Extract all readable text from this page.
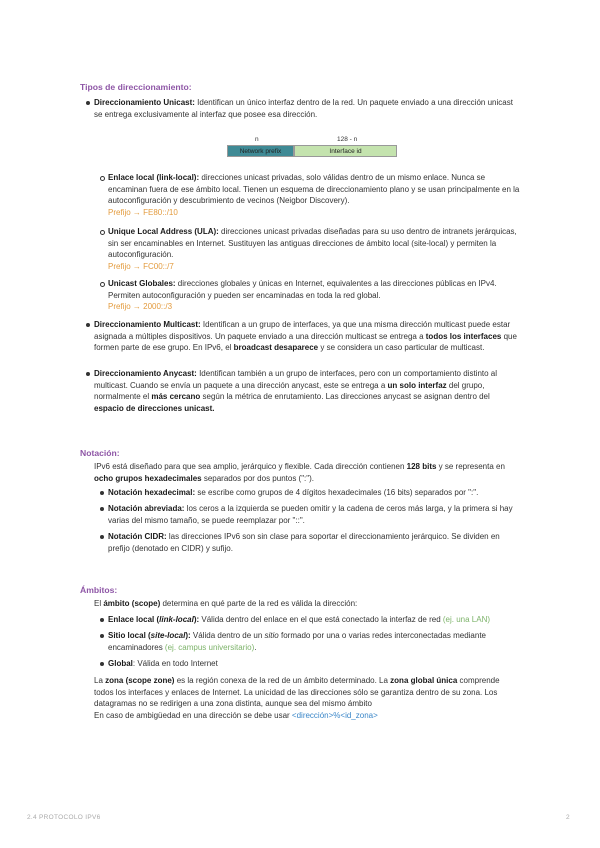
Tipos de direccionamiento:
Direccionamiento Unicast: Identifican un único interfaz dentro de la red. Un paquete enviado a una dirección unicast se entrega exclusivamente al interfaz que posee esa dirección.
n	128 - n
Network prefix	Interface id
Enlace local (link-local): direcciones unicast privadas, solo válidas dentro de un mismo enlace. Nunca se encaminan fuera de ese ámbito local. Tienen un esquema de direccionamiento plano y se usan principalmente en la autoconfiguración y descubrimiento de vecinos (Neigbor Discovery).
Prefijo → FE80::/10
Unique Local Address (ULA): direcciones unicast privadas diseñadas para su uso dentro de intranets jerárquicas, sin ser encaminables en Internet. Sustituyen las antiguas direcciones de ámbito local (site-local) y permiten la autoconfiguración.
Prefijo → FC00::/7
Unicast Globales: direcciones globales y únicas en Internet, equivalentes a las direcciones públicas en IPv4. Permiten autoconfiguración y pueden ser encaminadas en toda la red global.
Prefijo → 2000::/3
Direccionamiento Multicast: Identifican a un grupo de interfaces, ya que una misma dirección multicast puede estar asignada a múltiples dispositivos. Un paquete enviado a una dirección multicast se entrega a todos los interfaces que formen parte de ese grupo. En IPv6, el broadcast desaparece y se considera un caso particular de multicast.
Direccionamiento Anycast: Identifican también a un grupo de interfaces, pero con un comportamiento distinto al multicast. Cuando se envía un paquete a una dirección anycast, este se entrega a un solo interfaz del grupo, normalmente el más cercano según la métrica de enrutamiento. Las direcciones anycast se asignan dentro del espacio de direcciones unicast.
Notación:
IPv6 está diseñado para que sea amplio, jerárquico y flexible. Cada dirección contienen 128 bits y se representa en ocho grupos hexadecimales separados por dos puntos (":").
Notación hexadecimal: se escribe como grupos de 4 dígitos hexadecimales (16 bits) separados por ":".
Notación abreviada: los ceros a la izquierda se pueden omitir y la cadena de ceros más larga, y la primera si hay varias del mismo tamaño, se puede reemplazar por "::".
Notación CIDR: las direcciones IPv6 son sin clase para soportar el direccionamiento jerárquico. Se dividen en prefijo (denotado en CIDR) y sufijo.
Ámbitos:
El ámbito (scope) determina en qué parte de la red es válida la dirección:
Enlace local (link-local): Válida dentro del enlace en el que está conectado la interfaz de red (ej. una LAN)
Sitio local (site-local): Válida dentro de un sitio formado por una o varias redes interconectadas mediante encaminadores (ej. campus universitario).
Global: Válida en todo Internet
La zona (scope zone) es la región conexa de la red de un ámbito determinado. La zona global única comprende todos los interfaces y enlaces de Internet. La unicidad de las direcciones sólo se garantiza dentro de su zona. Los datagramas no se redirigen a una zona distinta, aunque sea del mismo ámbito
En caso de ambigüedad en una dirección se debe usar <dirección>%<id_zona>
2.4 PROTOCOLO IPV6	2
